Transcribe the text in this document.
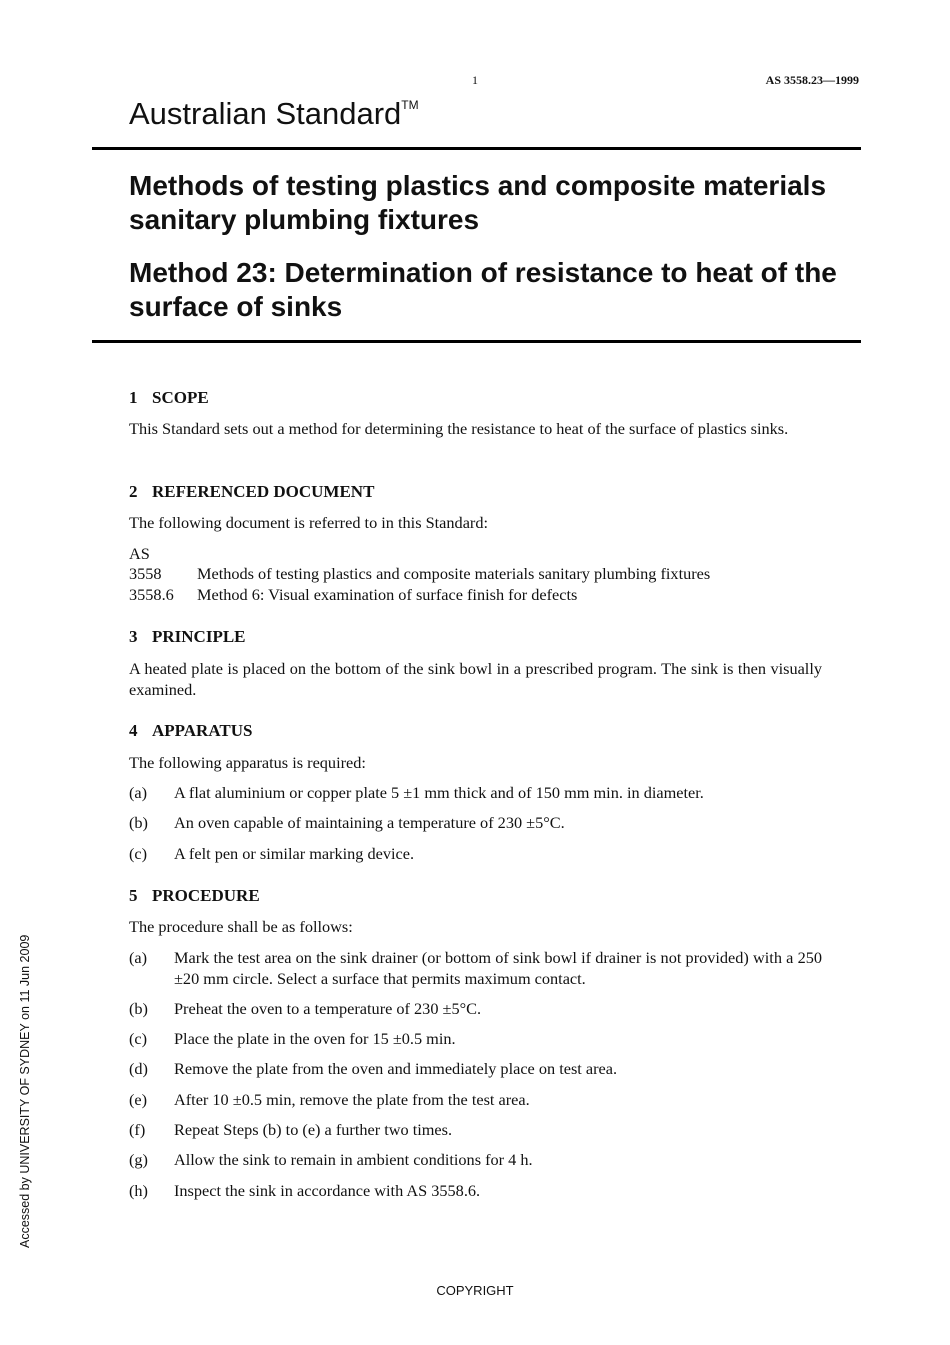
1	AS 3558.23—1999
Australian Standard™
Methods of testing plastics and composite materials sanitary plumbing fixtures
Method 23: Determination of resistance to heat of the surface of sinks
1 SCOPE
This Standard sets out a method for determining the resistance to heat of the surface of plastics sinks.
2 REFERENCED DOCUMENT
The following document is referred to in this Standard:
AS
3558 Methods of testing plastics and composite materials sanitary plumbing fixtures
3558.6 Method 6: Visual examination of surface finish for defects
3 PRINCIPLE
A heated plate is placed on the bottom of the sink bowl in a prescribed program. The sink is then visually examined.
4 APPARATUS
The following apparatus is required:
(a) A flat aluminium or copper plate 5 ±1 mm thick and of 150 mm min. in diameter.
(b) An oven capable of maintaining a temperature of 230 ±5°C.
(c) A felt pen or similar marking device.
5 PROCEDURE
The procedure shall be as follows:
(a) Mark the test area on the sink drainer (or bottom of sink bowl if drainer is not provided) with a 250 ±20 mm circle. Select a surface that permits maximum contact.
(b) Preheat the oven to a temperature of 230 ±5°C.
(c) Place the plate in the oven for 15 ±0.5 min.
(d) Remove the plate from the oven and immediately place on test area.
(e) After 10 ±0.5 min, remove the plate from the test area.
(f) Repeat Steps (b) to (e) a further two times.
(g) Allow the sink to remain in ambient conditions for 4 h.
(h) Inspect the sink in accordance with AS 3558.6.
Accessed by UNIVERSITY OF SYDNEY on 11 Jun 2009
COPYRIGHT
